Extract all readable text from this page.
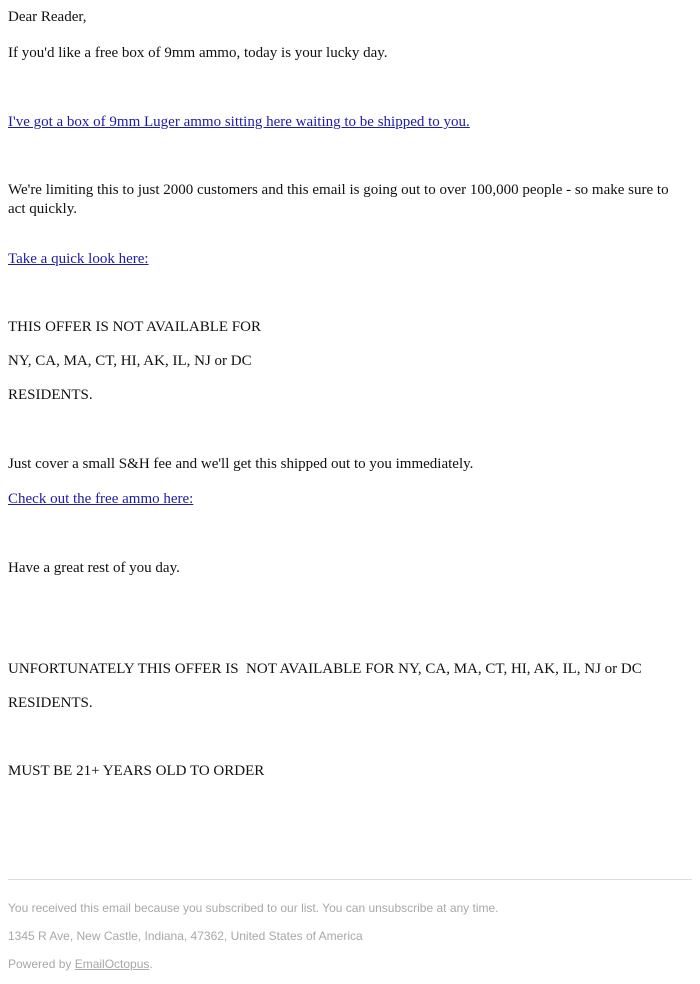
Dear Reader,

If you'd like a free box of 9mm ammo, today is your lucky day.

I've got a box of 9mm Luger ammo sitting here waiting to be shipped to you.

We're limiting this to just 2000 customers and this email is going out to over 100,000 people - so make sure to act quickly.

Take a quick look here:

THIS OFFER IS NOT AVAILABLE FOR

NY, CA, MA, CT, HI, AK, IL, NJ or DC

RESIDENTS.

Just cover a small S&H fee and we'll get this shipped out to you immediately.

Check out the free ammo here:

Have a great rest of you day.

UNFORTUNATELY THIS OFFER IS  NOT AVAILABLE FOR NY, CA, MA, CT, HI, AK, IL, NJ or DC

RESIDENTS.

MUST BE 21+ YEARS OLD TO ORDER

You received this email because you subscribed to our list. You can unsubscribe at any time.
1345 R Ave, New Castle, Indiana, 47362, United States of America
Powered by EmailOctopus.
